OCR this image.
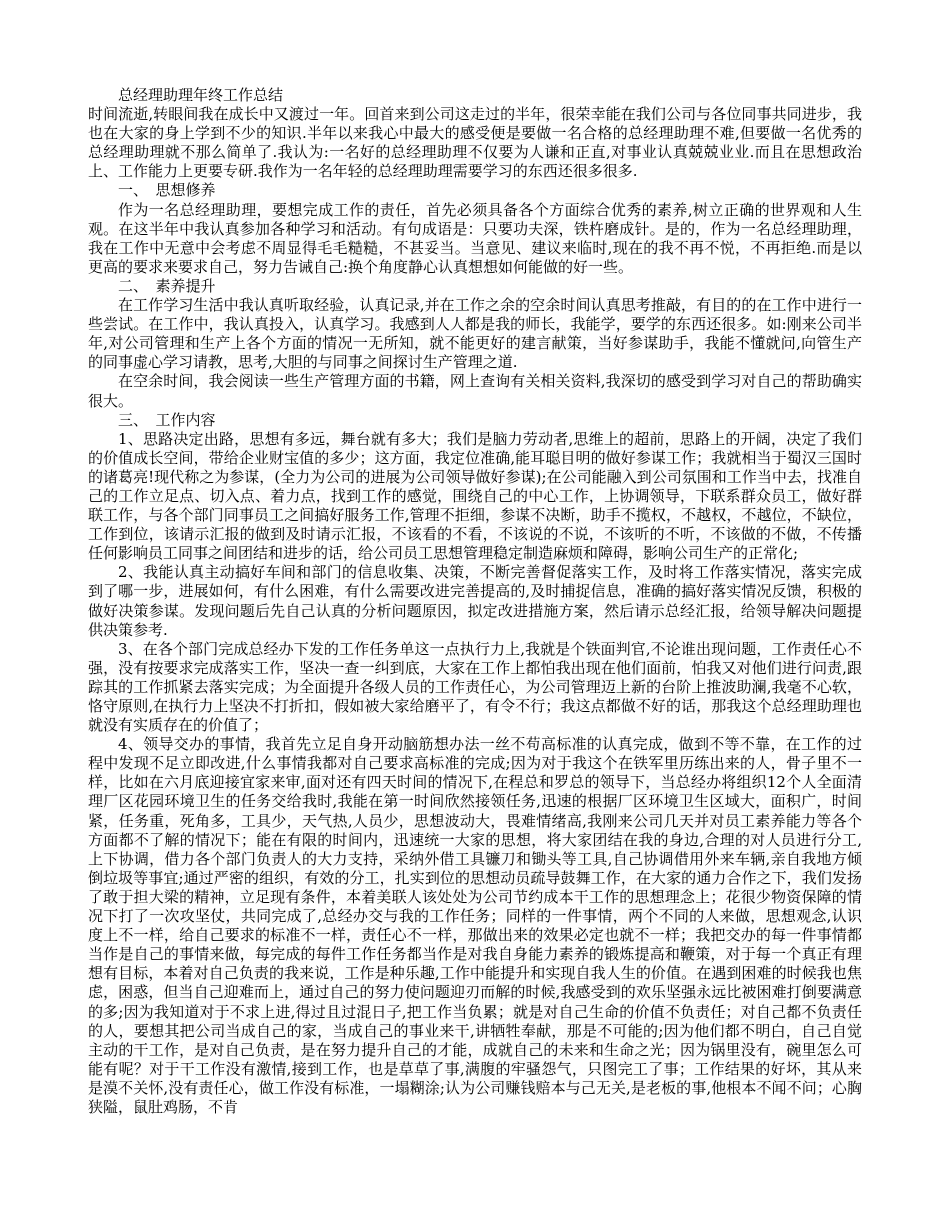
总经理助理年终工作总结

时间流逝,转眼间我在成长中又渡过一年。回首来到公司这走过的半年，很荣幸能在我们公司与各位同事共同进步，我也在大家的身上学到不少的知识.半年以来我心中最大的感受便是要做一名合格的总经理助理不难,但要做一名优秀的总经理助理就不那么简单了.我认为:一名好的总经理助理不仅要为人谦和正直,对事业认真兢兢业业.而且在思想政治上、工作能力上更要专研.我作为一名年轻的总经理助理需要学习的东西还很多很多.

一、　思想修养

作为一名总经理助理，要想完成工作的责任，首先必须具备各个方面综合优秀的素养,树立正确的世界观和人生观。在这半年中我认真参加各种学习和活动。有句成语是：只要功夫深，铁杵磨成针。是的，作为一名总经理助理，我在工作中无意中会考虑不周显得毛毛糙糙，不甚妥当。当意见、建议来临时,现在的我不再不悦，不再拒绝.而是以更高的要求来要求自己，努力告诫自己:换个角度静心认真想想如何能做的好一些。

二、　素养提升

在工作学习生活中我认真听取经验，认真记录,并在工作之余的空余时间认真思考推敲，有目的的在工作中进行一些尝试。在工作中，我认真投入，认真学习。我感到人人都是我的师长，我能学，要学的东西还很多。如:刚来公司半年,对公司管理和生产上各个方面的情况一无所知，就不能更好的建言献策，当好参谋助手，我能不懂就问,向管生产的同事虚心学习请教，思考,大胆的与同事之间探讨生产管理之道.

在空余时间，我会阅读一些生产管理方面的书籍，网上查询有关相关资料,我深切的感受到学习对自己的帮助确实很大。

三、　工作内容

1、思路决定出路，思想有多远，舞台就有多大；我们是脑力劳动者,思维上的超前，思路上的开阔，决定了我们的价值成长空间，带给企业财宝值的多少；这方面，我定位准确,能耳聪目明的做好参谋工作；我就相当于蜀汉三国时的诸葛亮!现代称之为参谋，(全力为公司的进展为公司领导做好参谋);在公司能融入到公司氛围和工作当中去，找准自己的工作立足点、切入点、着力点，找到工作的感觉，围绕自己的中心工作，上协调领导，下联系群众员工，做好群联工作，与各个部门同事员工之间搞好服务工作,管理不拒细，参谋不决断，助手不揽权，不越权，不越位，不缺位，工作到位，该请示汇报的做到及时请示汇报，不该看的不看，不该说的不说，不该听的不听，不该做的不做，不传播任何影响员工同事之间团结和进步的话，给公司员工思想管理稳定制造麻烦和障碍，影响公司生产的正常化;

2、我能认真主动搞好车间和部门的信息收集、决策，不断完善督促落实工作，及时将工作落实情况，落实完成到了哪一步，进展如何，有什么困难，有什么需要改进完善提高的,及时捕捉信息，准确的搞好落实情况反馈，积极的做好决策参谋。发现问题后先自己认真的分析问题原因，拟定改进措施方案，然后请示总经汇报，给领导解决问题提供决策参考.

3、在各个部门完成总经办下发的工作任务单这一点执行力上,我就是个铁面判官,不论谁出现问题，工作责任心不强，没有按要求完成落实工作，坚决一查一纠到底，大家在工作上都怕我出现在他们面前，怕我又对他们进行问责,跟踪其的工作抓紧去落实完成；为全面提升各级人员的工作责任心，为公司管理迈上新的台阶上推波助澜,我毫不心软，恪守原则,在执行力上坚决不打折扣，假如被大家给磨平了，有令不行；我这点都做不好的话，那我这个总经理助理也就没有实质存在的价值了；

4、领导交办的事情，我首先立足自身开动脑筋想办法一丝不苟高标准的认真完成，做到不等不靠，在工作的过程中发现不足立即改进,什么事情我都对自己要求高标准的完成;因为对于我这个在铁军里历练出来的人，骨子里不一样，比如在六月底迎接宜家来审,面对还有四天时间的情况下,在程总和罗总的领导下，当总经办将组织12个人全面清理厂区花园环境卫生的任务交给我时,我能在第一时间欣然接领任务,迅速的根据厂区环境卫生区域大，面积广，时间紧，任务重，死角多，工具少，天气热,人员少，思想波动大，畏难情绪高,我刚来公司几天并对员工素养能力等各个方面都不了解的情况下；能在有限的时间内，迅速统一大家的思想，将大家团结在我的身边,合理的对人员进行分工,上下协调，借力各个部门负责人的大力支持，采纳外借工具镰刀和锄头等工具,自己协调借用外来车辆,亲自我地方倾倒垃圾等事宜;通过严密的组织，有效的分工，扎实到位的思想动员疏导鼓舞工作，在大家的通力合作之下，我们发扬了敢于担大梁的精神，立足现有条件，本着美联人该处处为公司节约成本干工作的思想理念上；花很少物资保障的情况下打了一次攻坚仗，共同完成了,总经办交与我的工作任务；同样的一件事情，两个不同的人来做，思想观念,认识度上不一样，给自己要求的标准不一样，责任心不一样，那做出来的效果必定也就不一样；我把交办的每一件事情都当作是自己的事情来做，每完成的每件工作任务都当作是对我自身能力素养的锻炼提高和鞭策，对于每一个真正有理想有目标，本着对自己负责的我来说，工作是种乐趣,工作中能提升和实现自我人生的价值。在遇到困难的时候我也焦虑，困惑，但当自己迎难而上，通过自己的努力使问题迎刃而解的时候,我感受到的欢乐坚强永远比被困难打倒要满意的多;因为我知道对于不求上进,得过且过混日子,把工作当负累；就是对自己生命的价值不负责任；对自己都不负责任的人，要想其把公司当成自己的家，当成自己的事业来干,讲牺牲奉献，那是不可能的;因为他们都不明白，自己自觉主动的干工作，是对自己负责，是在努力提升自己的才能，成就自己的未来和生命之光；因为锅里没有，碗里怎么可能有呢？对于干工作没有激情,接到工作，也是草草了事,满腹的牢骚怨气，只图完工了事；工作结果的好坏，其从来是漠不关怀,没有责任心，做工作没有标准，一塌糊涂;认为公司赚钱赔本与己无关,是老板的事,他根本不闻不问；心胸狭隘，鼠肚鸡肠，不肯
